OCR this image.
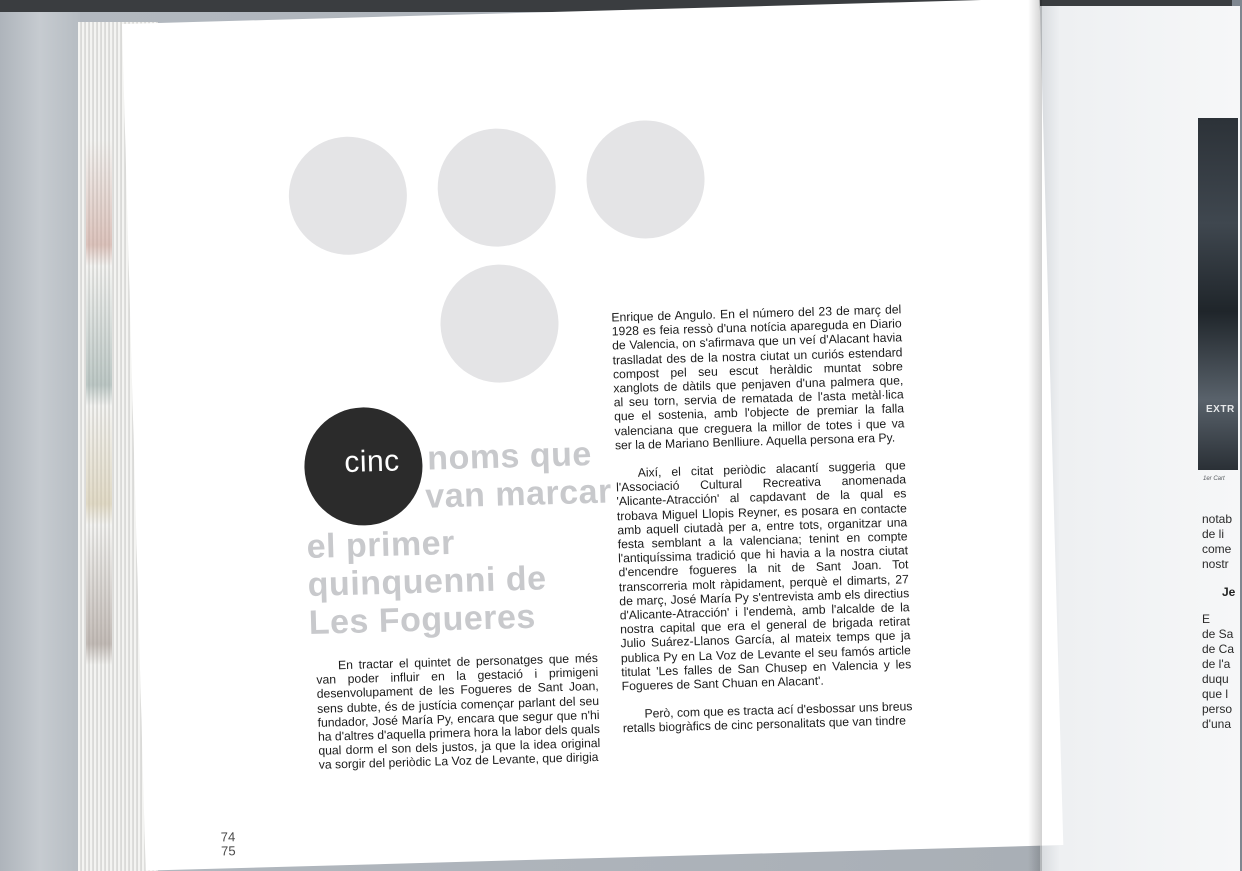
EXTR
1er Cart
notab
de li
come
nostr
Je
E
de Sa
de Ca
de l'a
duqu
que l
perso
d'una
cinc noms que
van marcar
el primer
quinquenni de
Les Fogueres

En tractar el quintet de personatges que més van poder influir en la gestació i primigeni desenvolupament de les Fogueres de Sant Joan, sens dubte, és de justícia començar parlant del seu fundador, José María Py, encara que segur que n'hi ha d'altres d'aquella primera hora la labor dels quals qual dorm el son dels justos, ja que la idea original va sorgir del periòdic La Voz de Levante, que dirigia

Enrique de Angulo. En el número del 23 de març del 1928 es feia ressò d'una notícia apareguda en Diario de Valencia, on s'afirmava que un veí d'Alacant havia traslladat des de la nostra ciutat un curiós estendard compost pel seu escut heràldic muntat sobre xanglots de dàtils que penjaven d'una palmera que, al seu torn, servia de rematada de l'asta metàl·lica que el sostenia, amb l'objecte de premiar la falla valenciana que creguera la millor de totes i que va ser la de Mariano Benlliure. Aquella persona era Py.

Així, el citat periòdic alacantí suggeria que l'Associació Cultural Recreativa anomenada 'Alicante-Atracción' al capdavant de la qual es trobava Miguel Llopis Reyner, es posara en contacte amb aquell ciutadà per a, entre tots, organitzar una festa semblant a la valenciana; tenint en compte l'antiquíssima tradició que hi havia a la nostra ciutat d'encendre fogueres la nit de Sant Joan. Tot transcorreria molt ràpidament, perquè el dimarts, 27 de març, José María Py s'entrevista amb els directius d'Alicante-Atracción' i l'endemà, amb l'alcalde de la nostra capital que era el general de brigada retirat Julio Suárez-Llanos García, al mateix temps que ja publica Py en La Voz de Levante el seu famós article titulat 'Les falles de San Chusep en Valencia y les Fogueres de Sant Chuan en Alacant'.

Però, com que es tracta ací d'esbossar uns breus retalls biogràfics de cinc personalitats que van tindre

74
75
